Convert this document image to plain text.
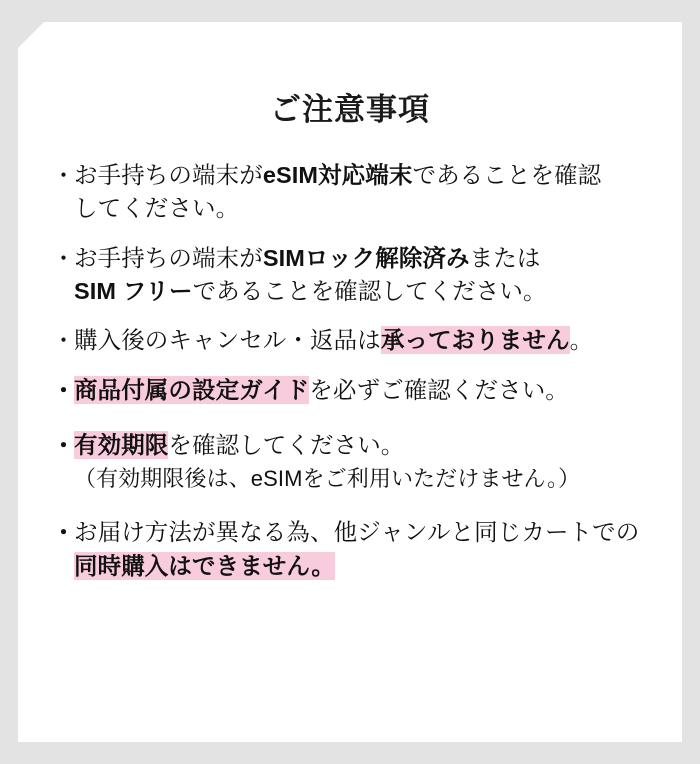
ご注意事項
・
お手持ちの端末がeSIM対応端末であることを確認
してください。
・
お手持ちの端末がSIMロック解除済みまたは
SIM フリーであることを確認してください。
・
購入後のキャンセル・返品は承っておりません。
・
商品付属の設定ガイドを必ずご確認ください。
・
有効期限を確認してください。
（有効期限後は、eSIMをご利用いただけません。）
・
お届け方法が異なる為、他ジャンルと同じカートでの
同時購入はできません。
